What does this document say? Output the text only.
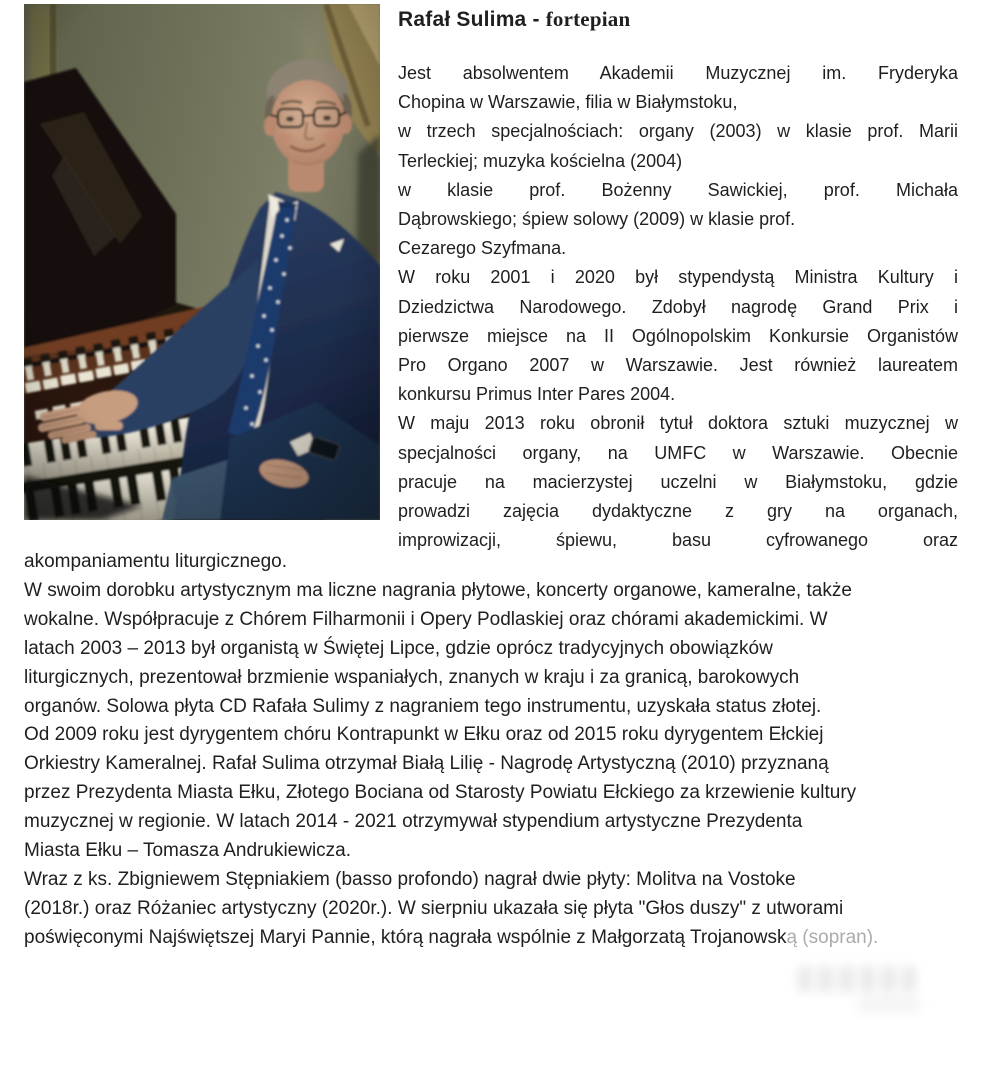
Rafał Sulima - fortepian
Jest absolwentem Akademii Muzycznej im. Fryderyka
Chopina w Warszawie, filia w Białymstoku,
w trzech specjalnościach: organy (2003) w klasie prof. Marii
Terleckiej; muzyka kościelna (2004)
w klasie prof. Bożenny Sawickiej, prof. Michała
Dąbrowskiego; śpiew solowy (2009) w klasie prof.
Cezarego Szyfmana.
W roku 2001 i 2020 był stypendystą Ministra Kultury i
Dziedzictwa Narodowego. Zdobył nagrodę Grand Prix i
pierwsze miejsce na II Ogólnopolskim Konkursie Organistów
Pro Organo 2007 w Warszawie. Jest również laureatem
konkursu Primus Inter Pares 2004.
W maju 2013 roku obronił tytuł doktora sztuki muzycznej w
specjalności organy, na UMFC w Warszawie. Obecnie
pracuje na macierzystej uczelni w Białymstoku, gdzie
prowadzi zajęcia dydaktyczne z gry na organach,
improwizacji, śpiewu, basu cyfrowanego oraz
akompaniamentu liturgicznego.
W swoim dorobku artystycznym ma liczne nagrania płytowe, koncerty organowe, kameralne, także
wokalne. Współpracuje z Chórem Filharmonii i Opery Podlaskiej oraz chórami akademickimi. W
latach 2003 – 2013 był organistą w Świętej Lipce, gdzie oprócz tradycyjnych obowiązków
liturgicznych, prezentował brzmienie wspaniałych, znanych w kraju i za granicą, barokowych
organów. Solowa płyta CD Rafała Sulimy z nagraniem tego instrumentu, uzyskała status złotej.
Od 2009 roku jest dyrygentem chóru Kontrapunkt w Ełku oraz od 2015 roku dyrygentem Ełckiej
Orkiestry Kameralnej. Rafał Sulima otrzymał Białą Lilię - Nagrodę Artystyczną (2010) przyznaną
przez Prezydenta Miasta Ełku, Złotego Bociana od Starosty Powiatu Ełckiego za krzewienie kultury
muzycznej w regionie. W latach 2014 - 2021 otrzymywał stypendium artystyczne Prezydenta
Miasta Ełku – Tomasza Andrukiewicza.
Wraz z ks. Zbigniewem Stępniakiem (basso profondo) nagrał dwie płyty: Molitva na Vostoke
(2018r.) oraz Różaniec artystyczny (2020r.). W sierpniu ukazała się płyta "Głos duszy" z utworami
poświęconymi Najświętszej Maryi Pannie, którą nagrała wspólnie z Małgorzatą Trojanowską (sopran).
